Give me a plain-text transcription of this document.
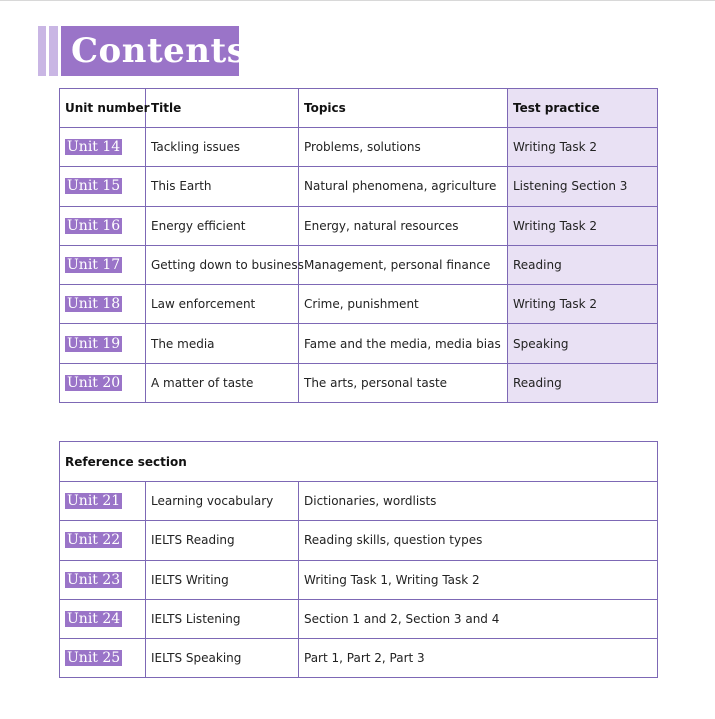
Contents
Unit number	Title	Topics	Test practice
Unit 14	Tackling issues	Problems, solutions	Writing Task 2
Unit 15	This Earth	Natural phenomena, agriculture	Listening Section 3
Unit 16	Energy efficient	Energy, natural resources	Writing Task 2
Unit 17	Getting down to business	Management, personal finance	Reading
Unit 18	Law enforcement	Crime, punishment	Writing Task 2
Unit 19	The media	Fame and the media, media bias	Speaking
Unit 20	A matter of taste	The arts, personal taste	Reading
Reference section		
Unit 21	Learning vocabulary	Dictionaries, wordlists
Unit 22	IELTS Reading	Reading skills, question types
Unit 23	IELTS Writing	Writing Task 1, Writing Task 2
Unit 24	IELTS Listening	Section 1 and 2, Section 3 and 4
Unit 25	IELTS Speaking	Part 1, Part 2, Part 3
